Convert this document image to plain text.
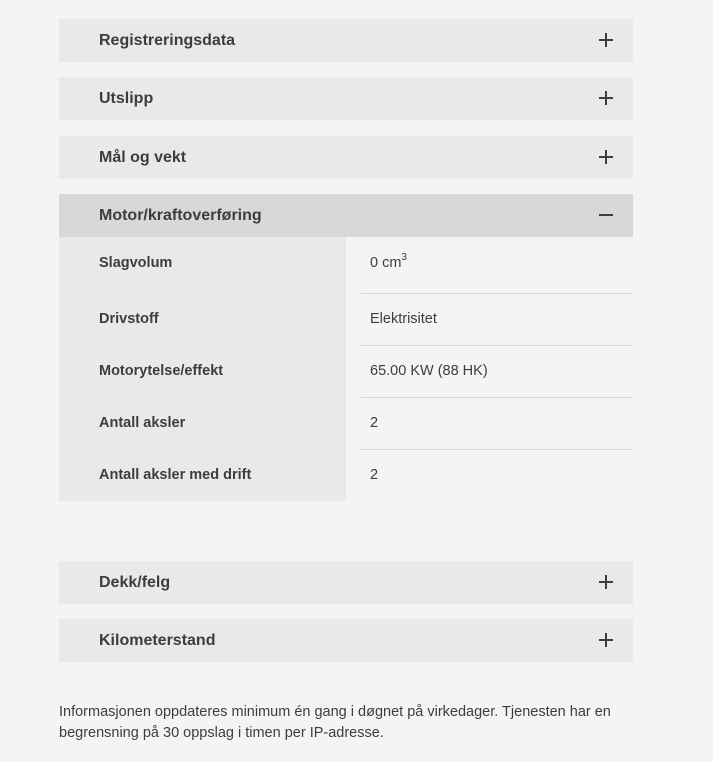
Registreringsdata
Utslipp
Mål og vekt
Motor/kraftoverføring
Slagvolum	0 $cm^3$
Drivstoff	Elektrisitet
Motorytelse/effekt	65.00 KW (88 HK)
Antall aksler	2
Antall aksler med drift	2
Dekk/felg
Kilometerstand
Informasjonen oppdateres minimum én gang i døgnet på virkedager. Tjenesten har en begrensning på 30 oppslag i timen per IP-adresse.
